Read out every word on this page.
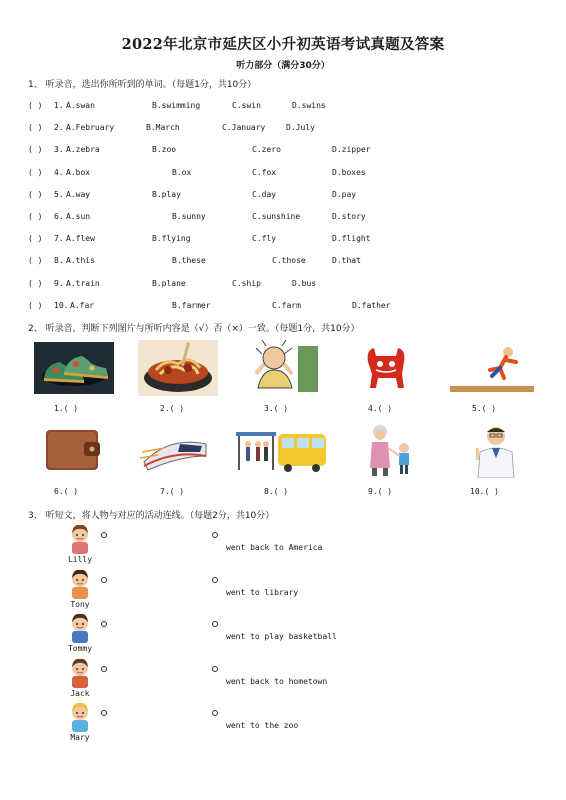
2022年北京市延庆区小升初英语考试真题及答案
听力部分（满分30分）
1、 听录音，选出你所听到的单词。（每题1分，共10分）
( ) 1. A.swan	B.swimming	C.swin	D.swins
( ) 2. A.February	B.March	C.January	D.July
( ) 3. A.zebra	B.zoo	C.zero	D.zipper
( ) 4. A.box	B.ox	C.fox	D.boxes
( ) 5. A.way	B.play	C.day	D.pay
( ) 6. A.sun	B.sunny	C.sunshine	D.story
( ) 7. A.flew	B.flying	C.fly	D.flight
( ) 8. A.this	B.these	C.those	D.that
( ) 9. A.train	B.plane	C.ship	D.bus
( ) 10. A.far	B.farmer	C.farm	D.father
2、 听录音，判断下列图片与所听内容是（√）否（×）一致。（每题1分，共10分）
1.( )	2.( )	3.( )	4.( )	5.( )
6.( )	7.( )	8.( )	9.( )	10.( )
3、 听短文，将人物与对应的活动连线。（每题2分，共10分）
Lilly
went back to America
Tony
went to library
Tommy
went to play basketball
Jack
went back to hometown
Mary
went to the zoo
